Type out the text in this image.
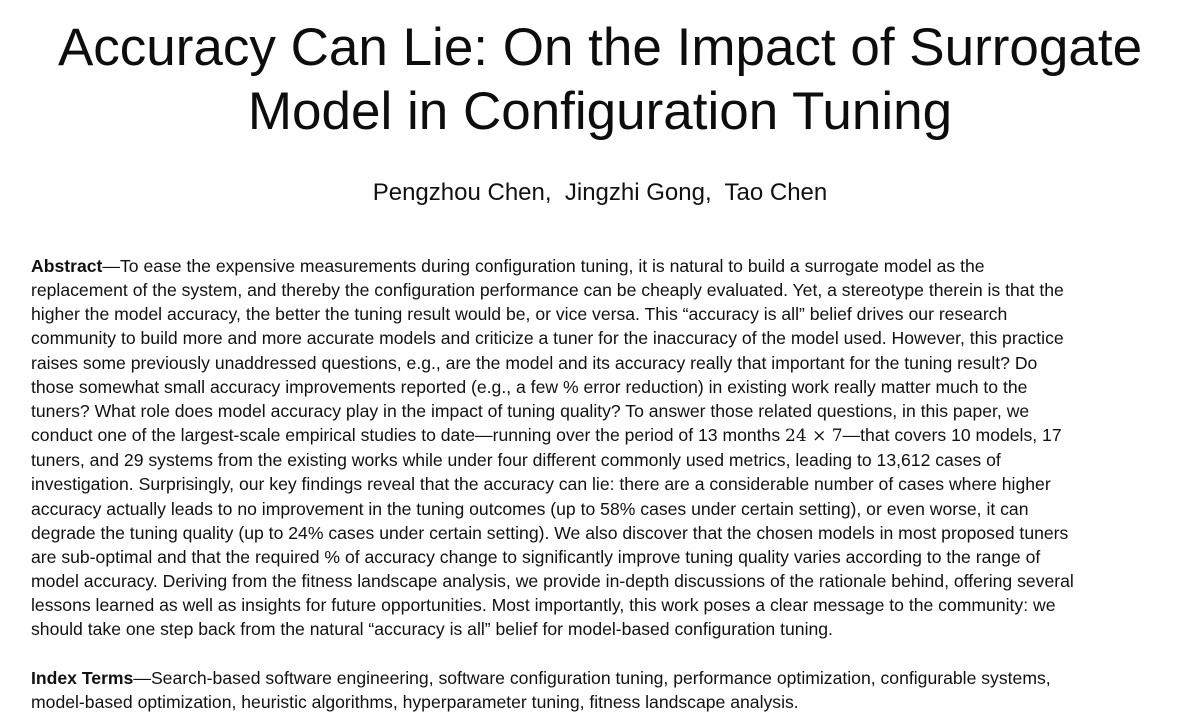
Accuracy Can Lie: On the Impact of Surrogate
Model in Configuration Tuning
Pengzhou Chen,  Jingzhi Gong,  Tao Chen
Abstract—To ease the expensive measurements during configuration tuning, it is natural to build a surrogate model as the
replacement of the system, and thereby the configuration performance can be cheaply evaluated. Yet, a stereotype therein is that the
higher the model accuracy, the better the tuning result would be, or vice versa. This “accuracy is all” belief drives our research
community to build more and more accurate models and criticize a tuner for the inaccuracy of the model used. However, this practice
raises some previously unaddressed questions, e.g., are the model and its accuracy really that important for the tuning result? Do
those somewhat small accuracy improvements reported (e.g., a few % error reduction) in existing work really matter much to the
tuners? What role does model accuracy play in the impact of tuning quality? To answer those related questions, in this paper, we
conduct one of the largest-scale empirical studies to date—running over the period of 13 months 24 × 7—that covers 10 models, 17
tuners, and 29 systems from the existing works while under four different commonly used metrics, leading to 13,612 cases of
investigation. Surprisingly, our key findings reveal that the accuracy can lie: there are a considerable number of cases where higher
accuracy actually leads to no improvement in the tuning outcomes (up to 58% cases under certain setting), or even worse, it can
degrade the tuning quality (up to 24% cases under certain setting). We also discover that the chosen models in most proposed tuners
are sub-optimal and that the required % of accuracy change to significantly improve tuning quality varies according to the range of
model accuracy. Deriving from the fitness landscape analysis, we provide in-depth discussions of the rationale behind, offering several
lessons learned as well as insights for future opportunities. Most importantly, this work poses a clear message to the community: we
should take one step back from the natural “accuracy is all” belief for model-based configuration tuning.
Index Terms—Search-based software engineering, software configuration tuning, performance optimization, configurable systems,
model-based optimization, heuristic algorithms, hyperparameter tuning, fitness landscape analysis.
